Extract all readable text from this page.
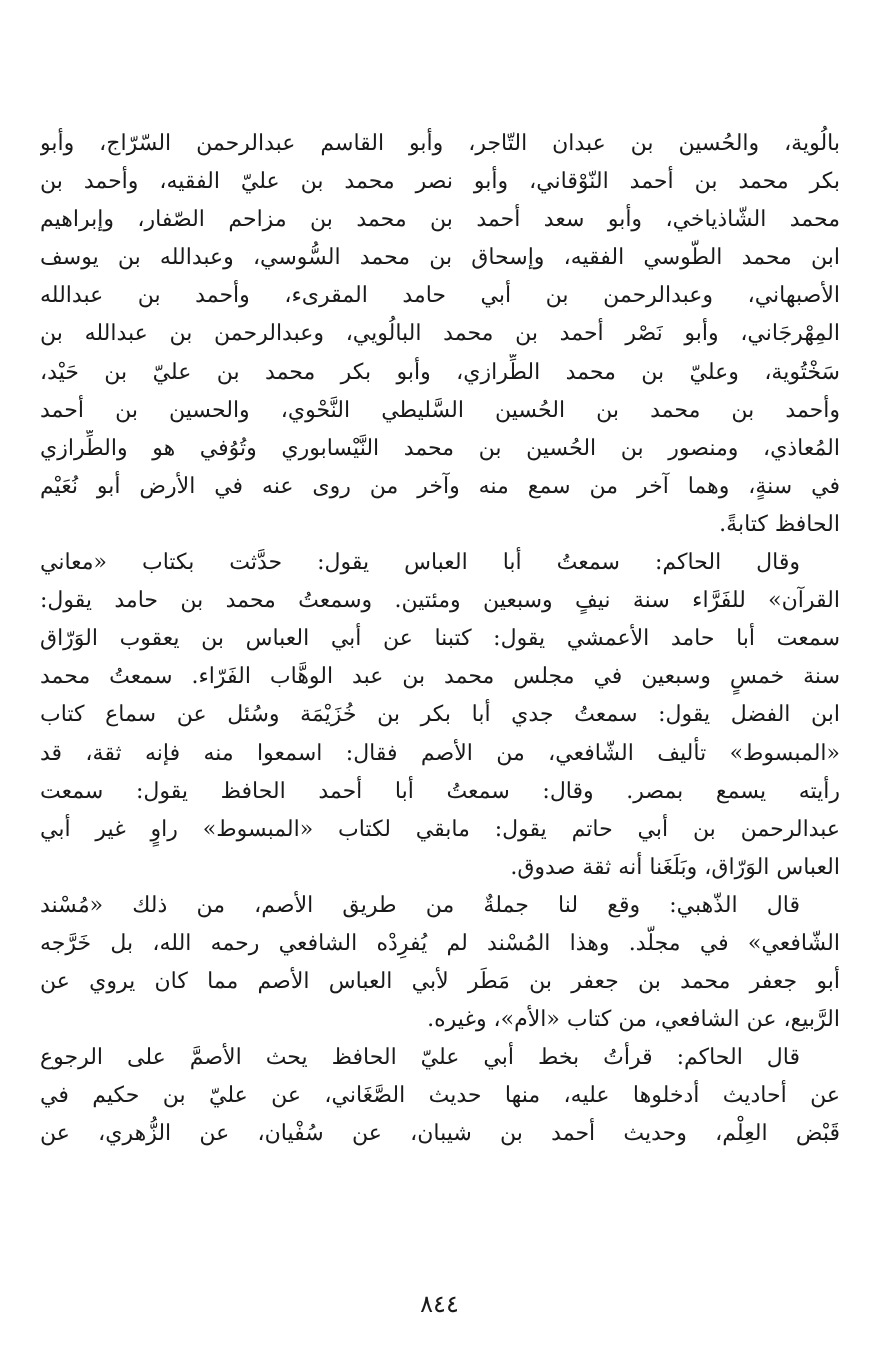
بالُوية، والحُسين بن عبدان التّاجر، وأبو القاسم عبدالرحمن السّرّاج، وأبو
بكر محمد بن أحمد النّوْقاني، وأبو نصر محمد بن عليّ الفقيه، وأحمد بن
محمد الشّاذياخي، وأبو سعد أحمد بن محمد بن مزاحم الصّفار، وإبراهيم
ابن محمد الطّوسي الفقيه، وإسحاق بن محمد السُّوسي، وعبدالله بن يوسف
الأصبهاني، وعبدالرحمن بن أبي حامد المقرىء، وأحمد بن عبدالله
المِهْرجَاني، وأبو نَصْر أحمد بن محمد البالُويي، وعبدالرحمن بن عبدالله بن
سَخْتُوية، وعليّ بن محمد الطِّرازي، وأبو بكر محمد بن عليّ بن حَيْد،
وأحمد بن محمد بن الحُسين السَّليطي النَّحْوي، والحسين بن أحمد
المُعاذي، ومنصور بن الحُسين بن محمد النَّيْسابوري وتُوُفي هو والطِّرازي
في سنةٍ، وهما آخر من سمع منه وآخر من روى عنه في الأرض أبو نُعَيْم
الحافظ كتابةً.
وقال الحاكم: سمعتُ أبا العباس يقول: حدَّثت بكتاب «معاني
القرآن» للفَرَّاء سنة نيفٍ وسبعين ومئتين. وسمعتُ محمد بن حامد يقول:
سمعت أبا حامد الأعمشي يقول: كتبنا عن أبي العباس بن يعقوب الوَرّاق
سنة خمسٍ وسبعين في مجلس محمد بن عبد الوهَّاب الفَرّاء. سمعتُ محمد
ابن الفضل يقول: سمعتُ جدي أبا بكر بن خُزَيْمَة وسُئل عن سماع كتاب
«المبسوط» تأليف الشّافعي، من الأصم فقال: اسمعوا منه فإنه ثقة، قد
رأيته يسمع بمصر. وقال: سمعتُ أبا أحمد الحافظ يقول: سمعت
عبدالرحمن بن أبي حاتم يقول: مابقي لكتاب «المبسوط» راوٍ غير أبي
العباس الوَرّاق، وبَلَغَنا أنه ثقة صدوق.
قال الذّهبي: وقع لنا جملةٌ من طريق الأصم، من ذلك «مُسْند
الشّافعي» في مجلّد. وهذا المُسْند لم يُفرِدْه الشافعي رحمه الله، بل خَرَّجه
أبو جعفر محمد بن جعفر بن مَطَر لأبي العباس الأصم مما كان يروي عن
الرَّبيع، عن الشافعي، من كتاب «الأم»، وغيره.
قال الحاكم: قرأتُ بخط أبي عليّ الحافظ يحث الأصمَّ على الرجوع
عن أحاديث أدخلوها عليه، منها حديث الصَّغَاني، عن عليّ بن حكيم في
قَبْض العِلْم، وحديث أحمد بن شيبان، عن سُفْيان، عن الزُّهري، عن
٨٤٤
